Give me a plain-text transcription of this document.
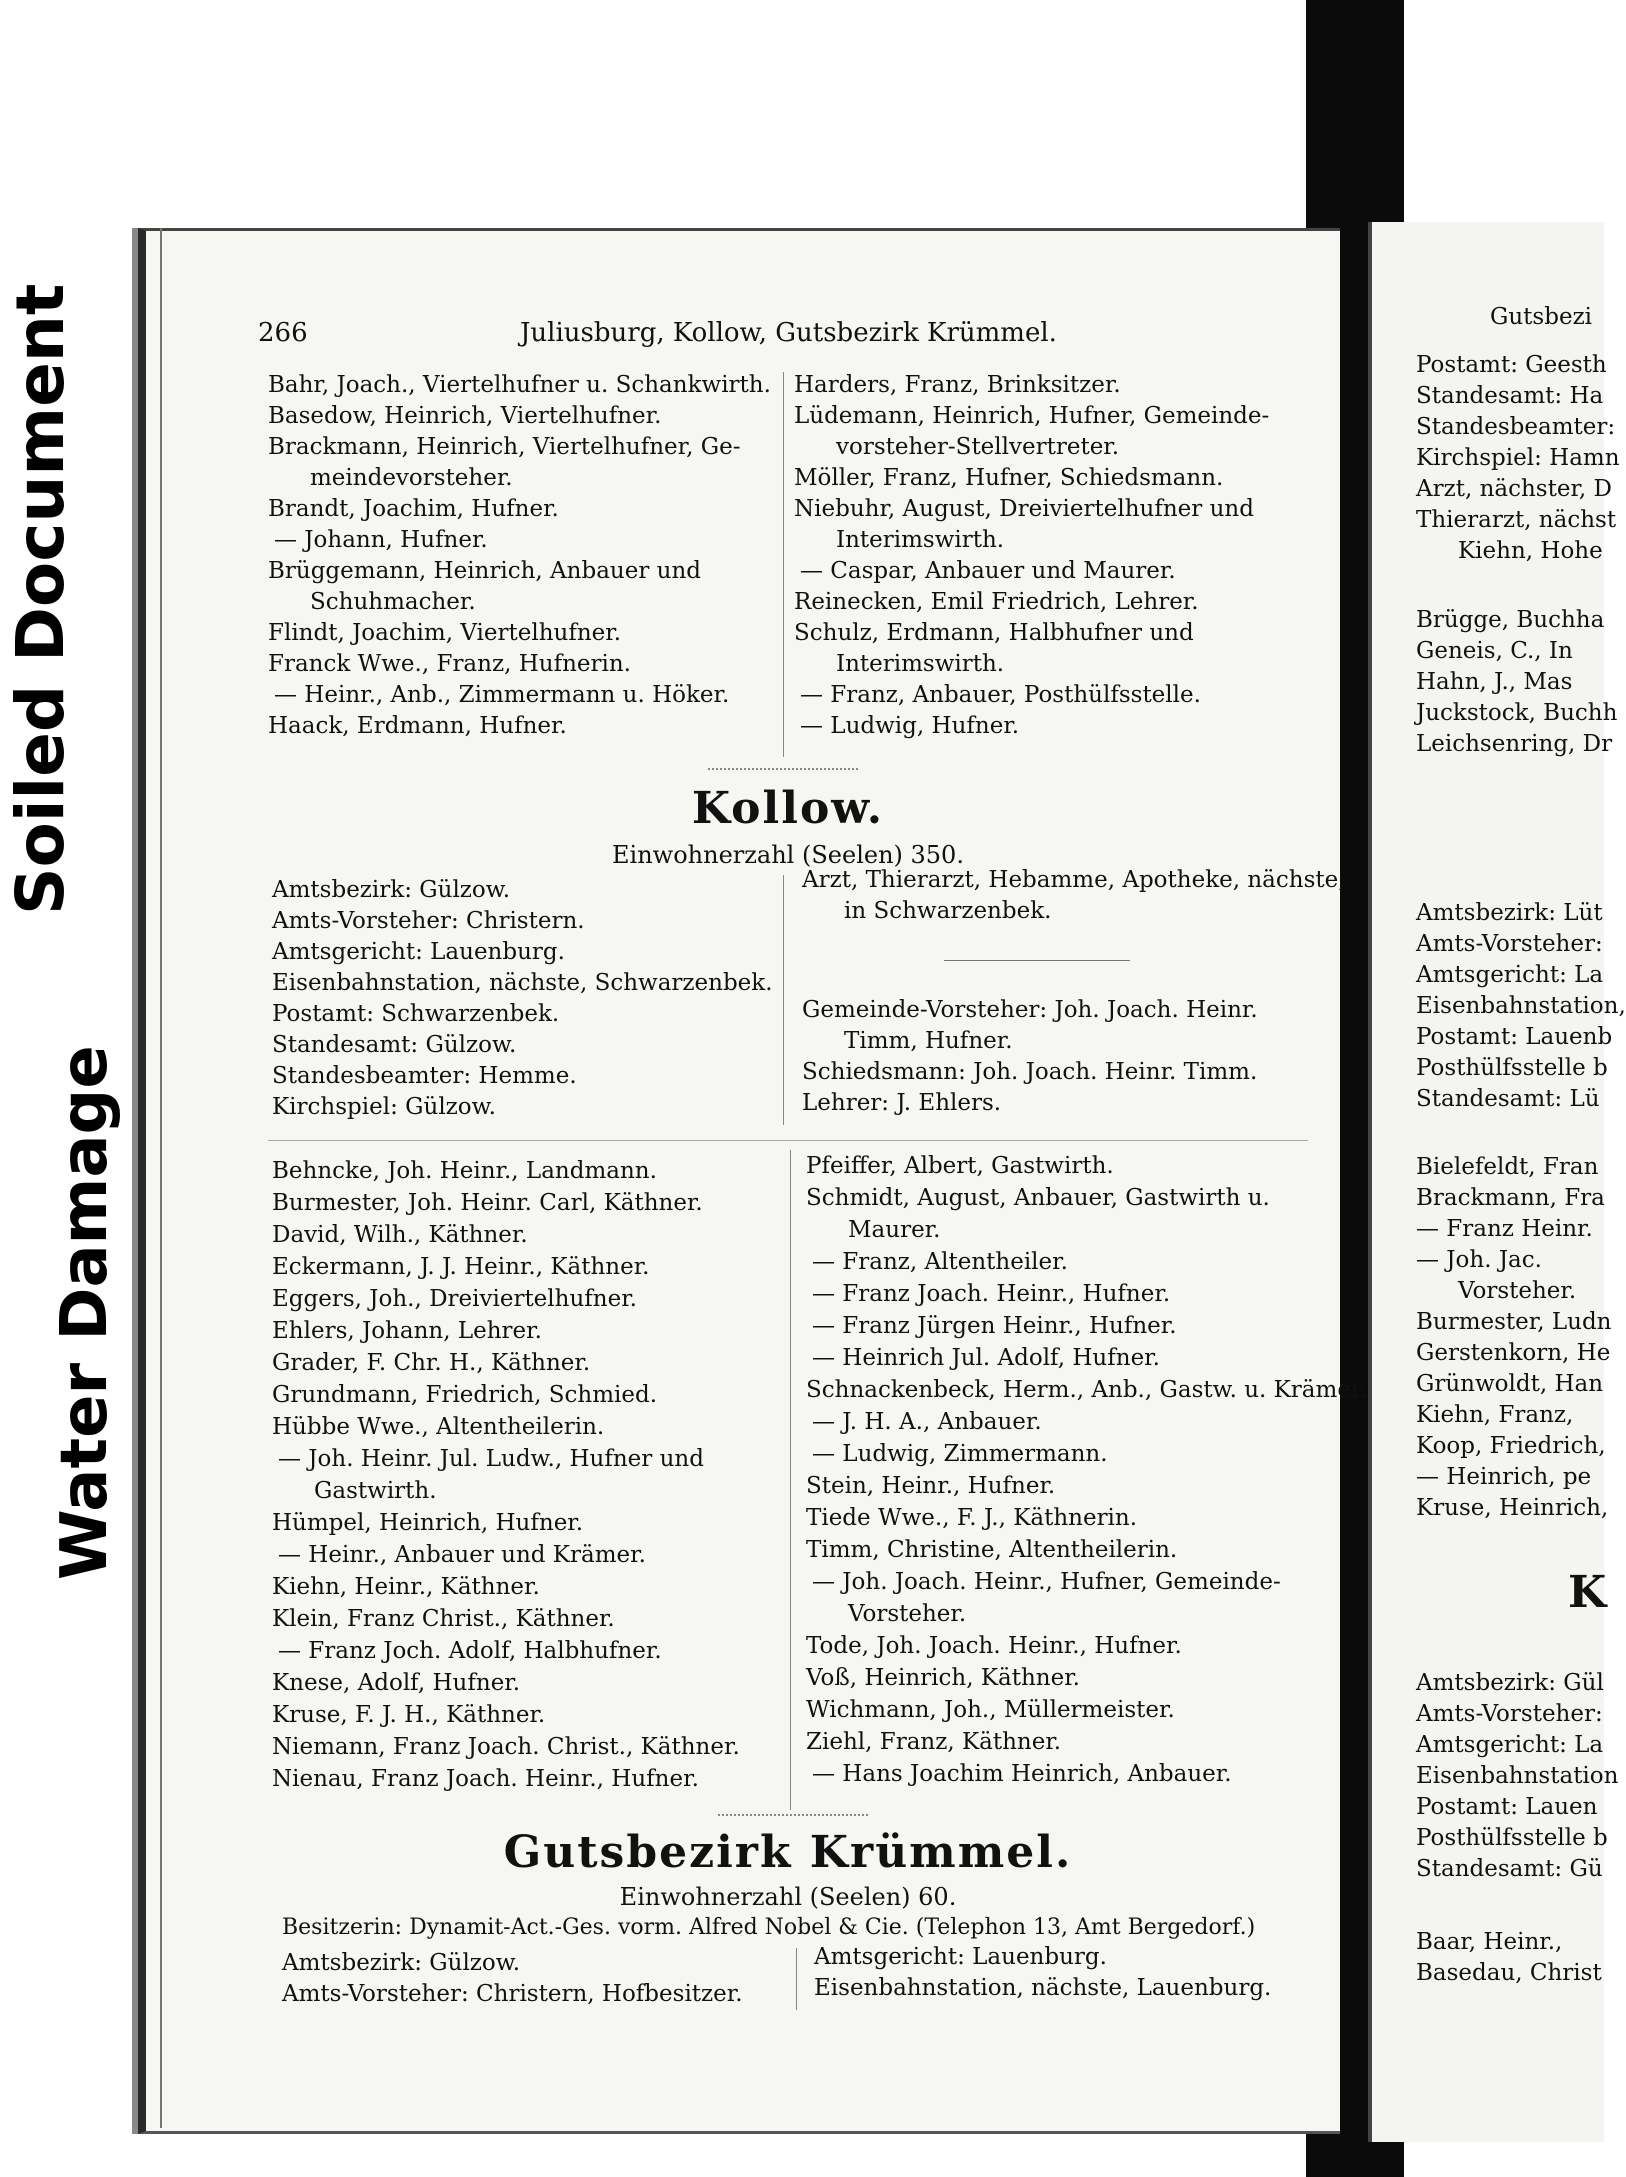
Soiled Document
Water Damage
Gutsbezi
Postamt: Geesth
Standesamt: Ha
Standesbeamter:
Kirchspiel: Hamn
Arzt, nächster, D
Thierarzt, nächst
Kiehn, Hohe
Brügge, Buchha
Geneis, C., In
Hahn, J., Mas
Juckstock, Buchh
Leichsenring, Dr
Amtsbezirk: Lüt
Amts-Vorsteher:
Amtsgericht: La
Eisenbahnstation,
Postamt: Lauenb
Posthülfsstelle b
Standesamt: Lü
Bielefeldt, Fran
Brackmann, Fra
— Franz Heinr.
— Joh. Jac.
Vorsteher.
Burmester, Ludn
Gerstenkorn, He
Grünwoldt, Han
Kiehn, Franz,
Koop, Friedrich,
— Heinrich, pe
Kruse, Heinrich,
K
Amtsbezirk: Gül
Amts-Vorsteher:
Amtsgericht: La
Eisenbahnstation
Postamt: Lauen
Posthülfsstelle b
Standesamt: Gü
Baar, Heinr.,
Basedau, Christ
266	Juliusburg, Kollow, Gutsbezirk Krümmel.
Bahr, Joach., Viertelhufner u. Schankwirth.
Basedow, Heinrich, Viertelhufner.
Brackmann, Heinrich, Viertelhufner, Ge-
meindevorsteher.
Brandt, Joachim, Hufner.
— Johann, Hufner.
Brüggemann, Heinrich, Anbauer und
Schuhmacher.
Flindt, Joachim, Viertelhufner.
Franck Wwe., Franz, Hufnerin.
— Heinr., Anb., Zimmermann u. Höker.
Haack, Erdmann, Hufner.
Harders, Franz, Brinksitzer.
Lüdemann, Heinrich, Hufner, Gemeinde-
vorsteher-Stellvertreter.
Möller, Franz, Hufner, Schiedsmann.
Niebuhr, August, Dreiviertelhufner und
Interimswirth.
— Caspar, Anbauer und Maurer.
Reinecken, Emil Friedrich, Lehrer.
Schulz, Erdmann, Halbhufner und
Interimswirth.
— Franz, Anbauer, Posthülfsstelle.
— Ludwig, Hufner.
Kollow.
Einwohnerzahl (Seelen) 350.
Amtsbezirk: Gülzow.
Amts-Vorsteher: Christern.
Amtsgericht: Lauenburg.
Eisenbahnstation, nächste, Schwarzenbek.
Postamt: Schwarzenbek.
Standesamt: Gülzow.
Standesbeamter: Hemme.
Kirchspiel: Gülzow.
Arzt, Thierarzt, Hebamme, Apotheke, nächste,
in Schwarzenbek.
Gemeinde-Vorsteher: Joh. Joach. Heinr.
Timm, Hufner.
Schiedsmann: Joh. Joach. Heinr. Timm.
Lehrer: J. Ehlers.
Behncke, Joh. Heinr., Landmann.
Burmester, Joh. Heinr. Carl, Käthner.
David, Wilh., Käthner.
Eckermann, J. J. Heinr., Käthner.
Eggers, Joh., Dreiviertelhufner.
Ehlers, Johann, Lehrer.
Grader, F. Chr. H., Käthner.
Grundmann, Friedrich, Schmied.
Hübbe Wwe., Altentheilerin.
— Joh. Heinr. Jul. Ludw., Hufner und
Gastwirth.
Hümpel, Heinrich, Hufner.
— Heinr., Anbauer und Krämer.
Kiehn, Heinr., Käthner.
Klein, Franz Christ., Käthner.
— Franz Joch. Adolf, Halbhufner.
Knese, Adolf, Hufner.
Kruse, F. J. H., Käthner.
Niemann, Franz Joach. Christ., Käthner.
Nienau, Franz Joach. Heinr., Hufner.
Pfeiffer, Albert, Gastwirth.
Schmidt, August, Anbauer, Gastwirth u.
Maurer.
— Franz, Altentheiler.
— Franz Joach. Heinr., Hufner.
— Franz Jürgen Heinr., Hufner.
— Heinrich Jul. Adolf, Hufner.
Schnackenbeck, Herm., Anb., Gastw. u. Krämer.
— J. H. A., Anbauer.
— Ludwig, Zimmermann.
Stein, Heinr., Hufner.
Tiede Wwe., F. J., Käthnerin.
Timm, Christine, Altentheilerin.
— Joh. Joach. Heinr., Hufner, Gemeinde-
Vorsteher.
Tode, Joh. Joach. Heinr., Hufner.
Voß, Heinrich, Käthner.
Wichmann, Joh., Müllermeister.
Ziehl, Franz, Käthner.
— Hans Joachim Heinrich, Anbauer.
Gutsbezirk Krümmel.
Einwohnerzahl (Seelen) 60.
Besitzerin: Dynamit-Act.-Ges. vorm. Alfred Nobel & Cie. (Telephon 13, Amt Bergedorf.)
Amtsbezirk: Gülzow.
Amts-Vorsteher: Christern, Hofbesitzer.
Amtsgericht: Lauenburg.
Eisenbahnstation, nächste, Lauenburg.
